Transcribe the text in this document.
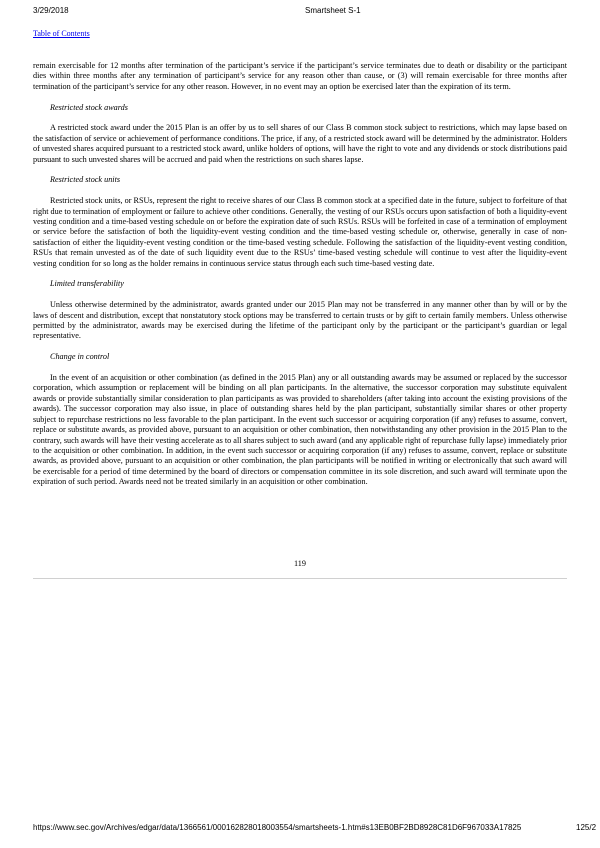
3/29/2018	Smartsheet S-1
Table of Contents

remain exercisable for 12 months after termination of the participant’s service if the participant’s service terminates due to death or disability or the participant dies within three months after any termination of participant’s service for any reason other than cause, or (3) will remain exercisable for three months after termination of the participant’s service for any other reason. However, in no event may an option be exercised later than the expiration of its term.

Restricted stock awards

A restricted stock award under the 2015 Plan is an offer by us to sell shares of our Class B common stock subject to restrictions, which may lapse based on the satisfaction of service or achievement of performance conditions. The price, if any, of a restricted stock award will be determined by the administrator. Holders of unvested shares acquired pursuant to a restricted stock award, unlike holders of options, will have the right to vote and any dividends or stock distributions paid pursuant to such unvested shares will be accrued and paid when the restrictions on such shares lapse.

Restricted stock units

Restricted stock units, or RSUs, represent the right to receive shares of our Class B common stock at a specified date in the future, subject to forfeiture of that right due to termination of employment or failure to achieve other conditions. Generally, the vesting of our RSUs occurs upon satisfaction of both a liquidity-event vesting condition and a time-based vesting schedule on or before the expiration date of such RSUs. RSUs will be forfeited in case of a termination of employment or service before the satisfaction of both the liquidity-event vesting condition and the time-based vesting schedule or, otherwise, generally in case of non-satisfaction of either the liquidity-event vesting condition or the time-based vesting schedule. Following the satisfaction of the liquidity-event vesting condition, RSUs that remain unvested as of the date of such liquidity event due to the RSUs’ time-based vesting schedule will continue to vest after the liquidity-event vesting condition for so long as the holder remains in continuous service status through each such time-based vesting date.

Limited transferability

Unless otherwise determined by the administrator, awards granted under our 2015 Plan may not be transferred in any manner other than by will or by the laws of descent and distribution, except that nonstatutory stock options may be transferred to certain trusts or by gift to certain family members. Unless otherwise permitted by the administrator, awards may be exercised during the lifetime of the participant only by the participant or the participant’s guardian or legal representative.

Change in control

In the event of an acquisition or other combination (as defined in the 2015 Plan) any or all outstanding awards may be assumed or replaced by the successor corporation, which assumption or replacement will be binding on all plan participants. In the alternative, the successor corporation may substitute equivalent awards or provide substantially similar consideration to plan participants as was provided to shareholders (after taking into account the existing provisions of the awards). The successor corporation may also issue, in place of outstanding shares held by the plan participant, substantially similar shares or other property subject to repurchase restrictions no less favorable to the plan participant. In the event such successor or acquiring corporation (if any) refuses to assume, convert, replace or substitute awards, as provided above, pursuant to an acquisition or other combination, then notwithstanding any other provision in the 2015 Plan to the contrary, such awards will have their vesting accelerate as to all shares subject to such award (and any applicable right of repurchase fully lapse) immediately prior to the acquisition or other combination. In addition, in the event such successor or acquiring corporation (if any) refuses to assume, convert, replace or substitute awards, as provided above, pursuant to an acquisition or other combination, the plan participants will be notified in writing or electronically that such award will be exercisable for a period of time determined by the board of directors or compensation committee in its sole discretion, and such award will terminate upon the expiration of such period. Awards need not be treated similarly in an acquisition or other combination.

119
https://www.sec.gov/Archives/edgar/data/1366561/000162828018003554/smartsheets-1.htm#s13EB0BF2BD8928C81D6F967033A17825	125/2
